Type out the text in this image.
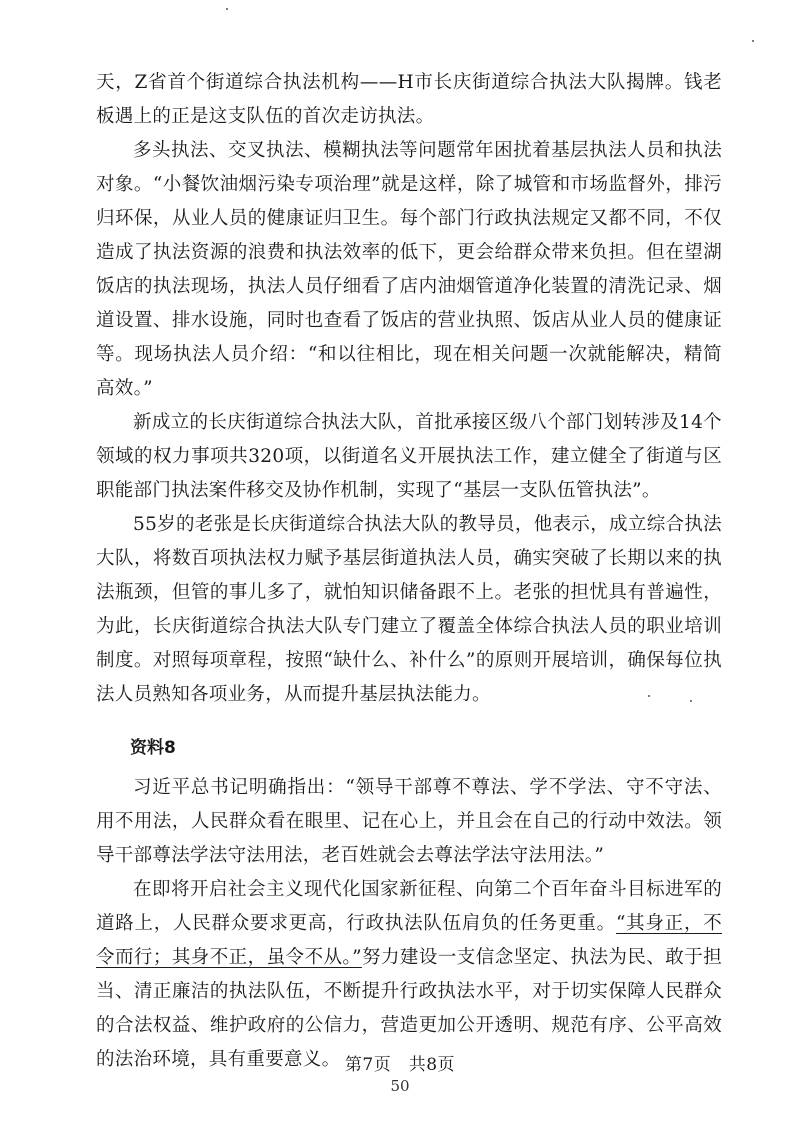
天，Z省首个街道综合执法机构——H市长庆街道综合执法大队揭牌。钱老板遇上的正是这支队伍的首次走访执法。

多头执法、交叉执法、模糊执法等问题常年困扰着基层执法人员和执法对象。“小餐饮油烟污染专项治理”就是这样，除了城管和市场监督外，排污归环保，从业人员的健康证归卫生。每个部门行政执法规定又都不同，不仅造成了执法资源的浪费和执法效率的低下，更会给群众带来负担。但在望湖饭店的执法现场，执法人员仔细看了店内油烟管道净化装置的清洗记录、烟道设置、排水设施，同时也查看了饭店的营业执照、饭店从业人员的健康证等。现场执法人员介绍：“和以往相比，现在相关问题一次就能解决，精简高效。”

新成立的长庆街道综合执法大队，首批承接区级八个部门划转涉及14个领域的权力事项共320项，以街道名义开展执法工作，建立健全了街道与区职能部门执法案件移交及协作机制，实现了“基层一支队伍管执法”。

55岁的老张是长庆街道综合执法大队的教导员，他表示，成立综合执法大队，将数百项执法权力赋予基层街道执法人员，确实突破了长期以来的执法瓶颈，但管的事儿多了，就怕知识储备跟不上。老张的担忧具有普遍性，为此，长庆街道综合执法大队专门建立了覆盖全体综合执法人员的职业培训制度。对照每项章程，按照“缺什么、补什么”的原则开展培训，确保每位执法人员熟知各项业务，从而提升基层执法能力。

资料8

习近平总书记明确指出：“领导干部尊不尊法、学不学法、守不守法、用不用法，人民群众看在眼里、记在心上，并且会在自己的行动中效法。领导干部尊法学法守法用法，老百姓就会去尊法学法守法用法。”

在即将开启社会主义现代化国家新征程、向第二个百年奋斗目标进军的道路上，人民群众要求更高，行政执法队伍肩负的任务更重。“其身正，不令而行；其身不正，虽令不从。”努力建设一支信念坚定、执法为民、敢于担当、清正廉洁的执法队伍，不断提升行政执法水平，对于切实保障人民群众的合法权益、维护政府的公信力，营造更加公开透明、规范有序、公平高效的法治环境，具有重要意义。 第7页　共8页
50
